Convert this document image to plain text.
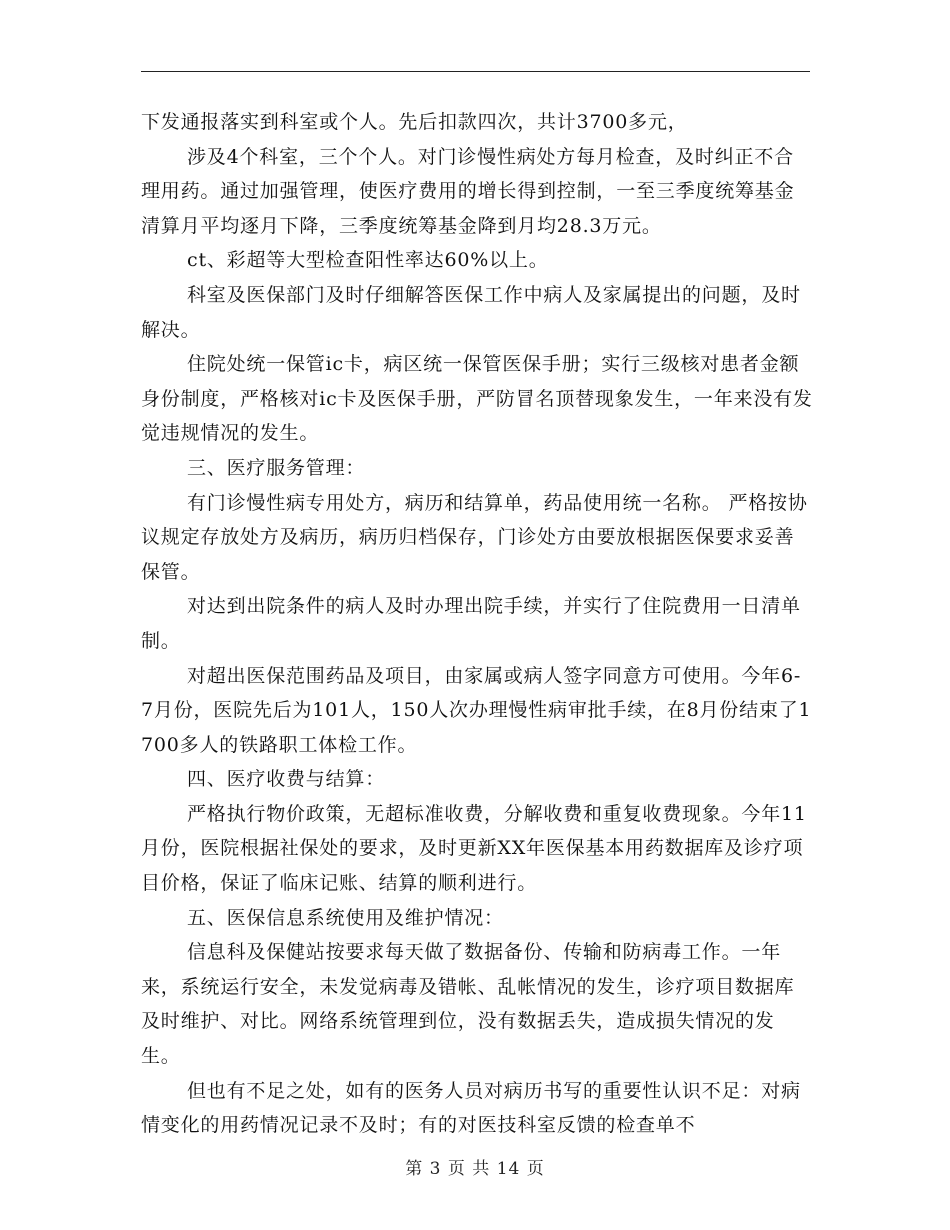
下发通报落实到科室或个人。先后扣款四次，共计3700多元，

涉及4个科室，三个个人。对门诊慢性病处方每月检查，及时纠正不合理用药。通过加强管理，使医疗费用的增长得到控制，一至三季度统筹基金清算月平均逐月下降，三季度统筹基金降到月均28.3万元。

ct、彩超等大型检查阳性率达60%以上。

科室及医保部门及时仔细解答医保工作中病人及家属提出的问题，及时解决。

住院处统一保管ic卡，病区统一保管医保手册；实行三级核对患者金额身份制度，严格核对ic卡及医保手册，严防冒名顶替现象发生，一年来没有发觉违规情况的发生。

三、医疗服务管理：

有门诊慢性病专用处方，病历和结算单，药品使用统一名称。 严格按协议规定存放处方及病历，病历归档保存，门诊处方由要放根据医保要求妥善保管。

对达到出院条件的病人及时办理出院手续，并实行了住院费用一日清单制。

对超出医保范围药品及项目，由家属或病人签字同意方可使用。今年6-7月份，医院先后为101人，150人次办理慢性病审批手续，在8月份结束了1700多人的铁路职工体检工作。

四、医疗收费与结算：

严格执行物价政策，无超标准收费，分解收费和重复收费现象。今年11月份，医院根据社保处的要求，及时更新XX年医保基本用药数据库及诊疗项目价格，保证了临床记账、结算的顺利进行。

五、医保信息系统使用及维护情况：

信息科及保健站按要求每天做了数据备份、传输和防病毒工作。一年来，系统运行安全，未发觉病毒及错帐、乱帐情况的发生，诊疗项目数据库及时维护、对比。网络系统管理到位，没有数据丢失，造成损失情况的发生。

但也有不足之处，如有的医务人员对病历书写的重要性认识不足：对病情变化的用药情况记录不及时；有的对医技科室反馈的检查单不

第 3 页 共 14 页
